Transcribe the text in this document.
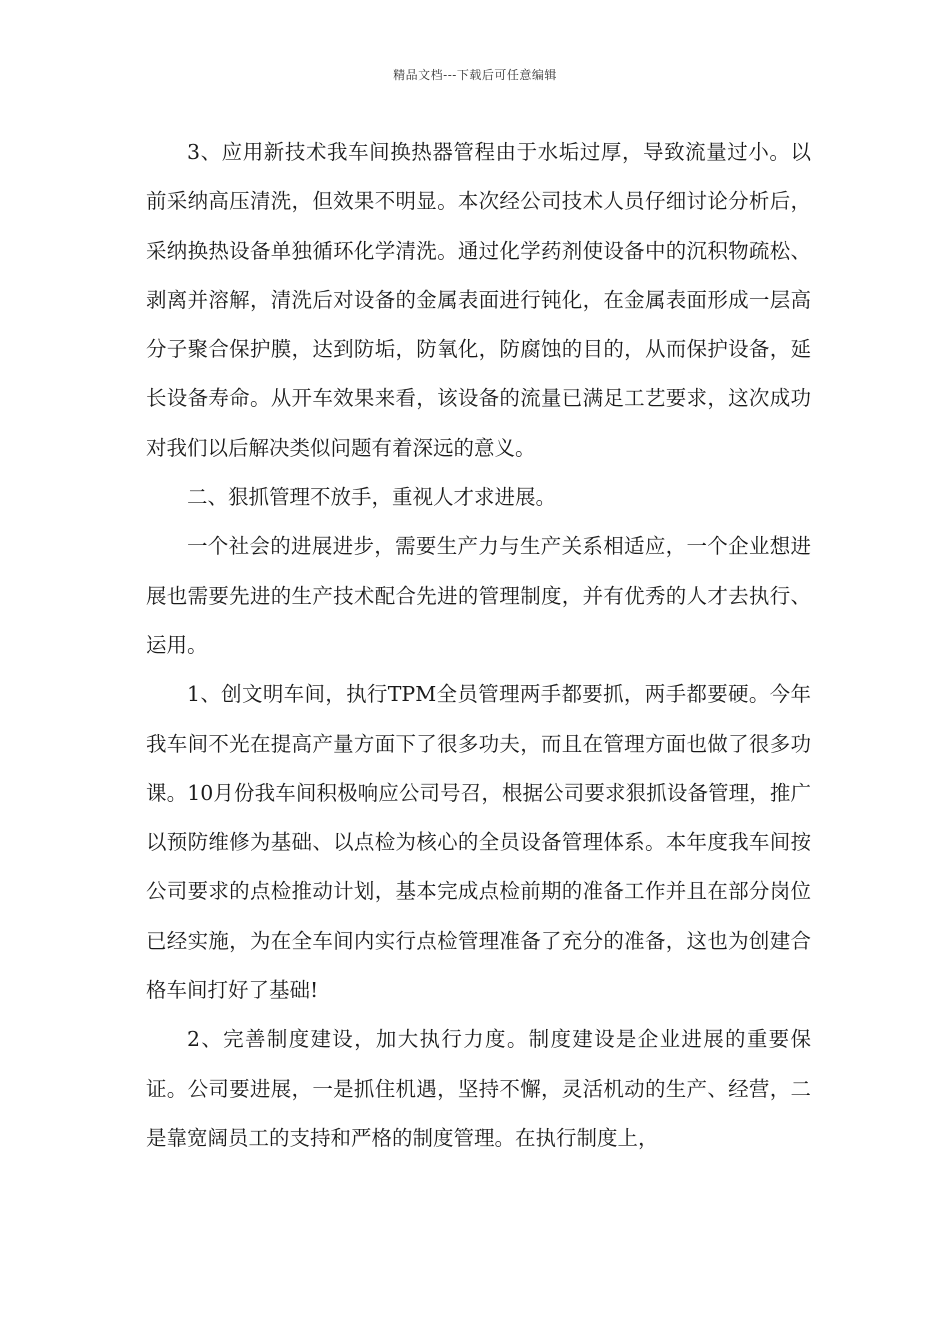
精品文档---下载后可任意编辑

3、应用新技术我车间换热器管程由于水垢过厚，导致流量过小。以前采纳高压清洗，但效果不明显。本次经公司技术人员仔细讨论分析后，采纳换热设备单独循环化学清洗。通过化学药剂使设备中的沉积物疏松、剥离并溶解，清洗后对设备的金属表面进行钝化，在金属表面形成一层高分子聚合保护膜，达到防垢，防氧化，防腐蚀的目的，从而保护设备，延长设备寿命。从开车效果来看，该设备的流量已满足工艺要求，这次成功对我们以后解决类似问题有着深远的意义。

二、狠抓管理不放手，重视人才求进展。

一个社会的进展进步，需要生产力与生产关系相适应，一个企业想进展也需要先进的生产技术配合先进的管理制度，并有优秀的人才去执行、运用。

1、创文明车间，执行TPM全员管理两手都要抓，两手都要硬。今年我车间不光在提高产量方面下了很多功夫，而且在管理方面也做了很多功课。10月份我车间积极响应公司号召，根据公司要求狠抓设备管理，推广以预防维修为基础、以点检为核心的全员设备管理体系。本年度我车间按公司要求的点检推动计划，基本完成点检前期的准备工作并且在部分岗位已经实施，为在全车间内实行点检管理准备了充分的准备，这也为创建合格车间打好了基础!

2、完善制度建设，加大执行力度。制度建设是企业进展的重要保证。公司要进展，一是抓住机遇，坚持不懈，灵活机动的生产、经营，二是靠宽阔员工的支持和严格的制度管理。在执行制度上，
